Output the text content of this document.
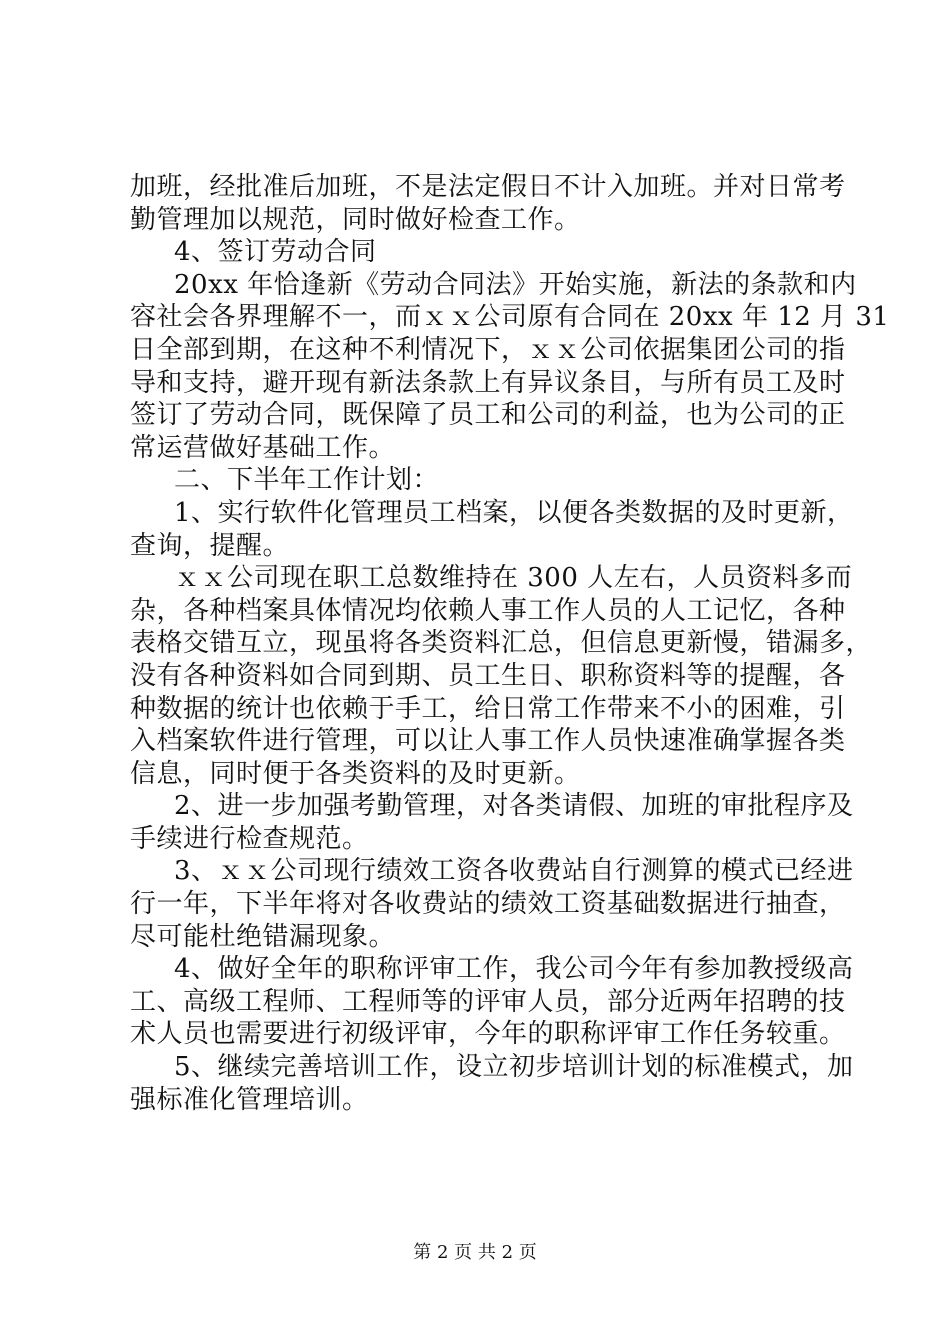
加班，经批准后加班，不是法定假日不计入加班。并对日常考
勤管理加以规范，同时做好检查工作。
4、签订劳动合同
20xx 年恰逢新《劳动合同法》开始实施，新法的条款和内
容社会各界理解不一，而ｘｘ公司原有合同在 20xx 年 12 月 31
日全部到期，在这种不利情况下，ｘｘ公司依据集团公司的指
导和支持，避开现有新法条款上有异议条目，与所有员工及时
签订了劳动合同，既保障了员工和公司的利益，也为公司的正
常运营做好基础工作。
二、下半年工作计划：
1、实行软件化管理员工档案，以便各类数据的及时更新，
查询，提醒。
ｘｘ公司现在职工总数维持在 300 人左右，人员资料多而
杂，各种档案具体情况均依赖人事工作人员的人工记忆，各种
表格交错互立，现虽将各类资料汇总，但信息更新慢，错漏多，
没有各种资料如合同到期、员工生日、职称资料等的提醒，各
种数据的统计也依赖于手工，给日常工作带来不小的困难，引
入档案软件进行管理，可以让人事工作人员快速准确掌握各类
信息，同时便于各类资料的及时更新。
2、进一步加强考勤管理，对各类请假、加班的审批程序及
手续进行检查规范。
3、ｘｘ公司现行绩效工资各收费站自行测算的模式已经进
行一年，下半年将对各收费站的绩效工资基础数据进行抽查，
尽可能杜绝错漏现象。
4、做好全年的职称评审工作，我公司今年有参加教授级高
工、高级工程师、工程师等的评审人员，部分近两年招聘的技
术人员也需要进行初级评审，今年的职称评审工作任务较重。
5、继续完善培训工作，设立初步培训计划的标准模式，加
强标准化管理培训。
第 2 页 共 2 页
